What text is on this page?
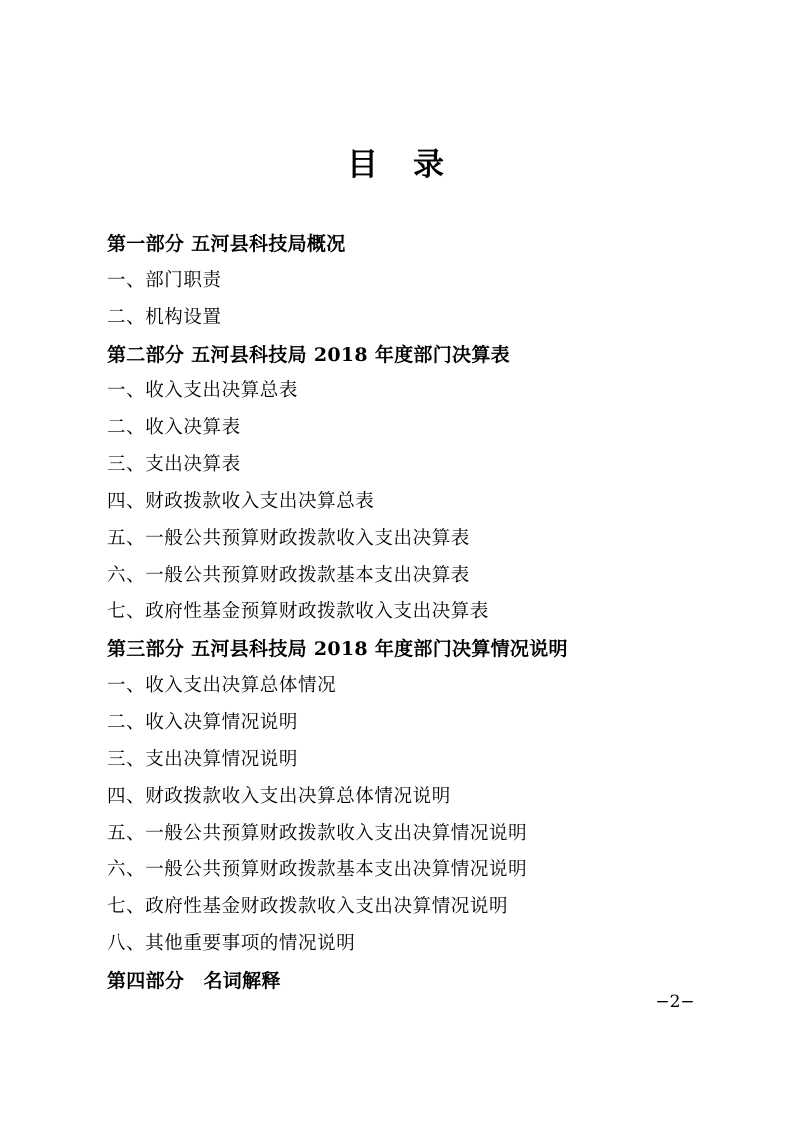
目　录
第一部分 五河县科技局概况
一、部门职责
二、机构设置
第二部分 五河县科技局 2018 年度部门决算表
一、收入支出决算总表
二、收入决算表
三、支出决算表
四、财政拨款收入支出决算总表
五、一般公共预算财政拨款收入支出决算表
六、一般公共预算财政拨款基本支出决算表
七、政府性基金预算财政拨款收入支出决算表
第三部分 五河县科技局 2018 年度部门决算情况说明
一、收入支出决算总体情况
二、收入决算情况说明
三、支出决算情况说明
四、财政拨款收入支出决算总体情况说明
五、一般公共预算财政拨款收入支出决算情况说明
六、一般公共预算财政拨款基本支出决算情况说明
七、政府性基金财政拨款收入支出决算情况说明
八、其他重要事项的情况说明
第四部分　名词解释
−2−
